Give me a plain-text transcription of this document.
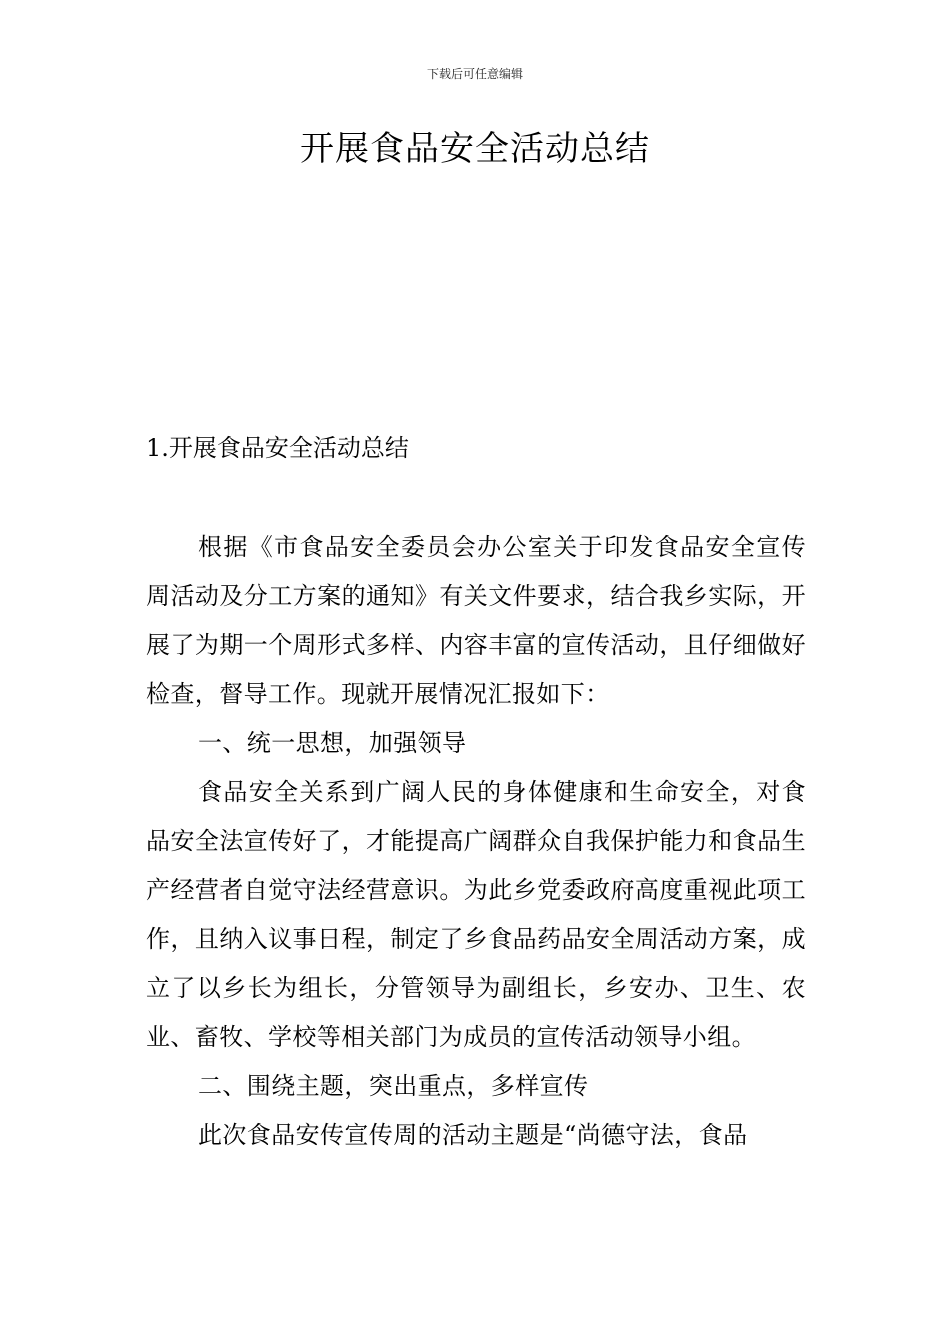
下载后可任意编辑
开展食品安全活动总结
1.开展食品安全活动总结

根据《市食品安全委员会办公室关于印发食品安全宣传周活动及分工方案的通知》有关文件要求，结合我乡实际，开展了为期一个周形式多样、内容丰富的宣传活动，且仔细做好检查，督导工作。现就开展情况汇报如下：

一、统一思想，加强领导

食品安全关系到广阔人民的身体健康和生命安全，对食品安全法宣传好了，才能提高广阔群众自我保护能力和食品生产经营者自觉守法经营意识。为此乡党委政府高度重视此项工作，且纳入议事日程，制定了乡食品药品安全周活动方案，成立了以乡长为组长，分管领导为副组长，乡安办、卫生、农业、畜牧、学校等相关部门为成员的宣传活动领导小组。

二、围绕主题，突出重点，多样宣传

此次食品安传宣传周的活动主题是“尚德守法，食品
